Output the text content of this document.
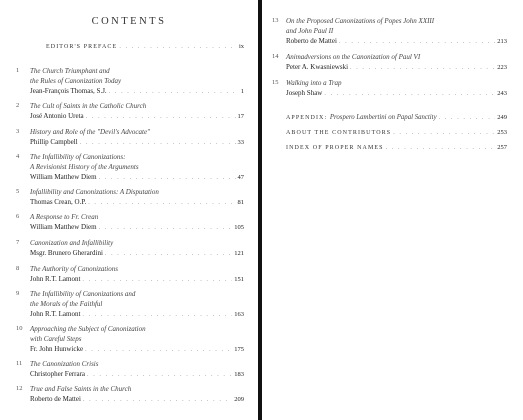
CONTENTS
EDITOR'S PREFACE . . .	ix
1	The Church Triumphant and
the Rules of Canonization Today
Jean-François Thomas, S.J. . . .	1
2	The Cult of Saints in the Catholic Church
José Antonio Ureta . . .	17
3	History and Role of the "Devil's Advocate"
Phillip Campbell . . .	33
4	The Infallibility of Canonizations:
A Revisionist History of the Arguments
William Matthew Diem . . .	47
5	Infallibility and Canonizations: A Disputation
Thomas Crean, O.P. . . .	81
6	A Response to Fr. Crean
William Matthew Diem . . .	105
7	Canonization and Infallibility
Msgr. Brunero Gherardini . . .	121
8	The Authority of Canonizations
John R.T. Lamont . . .	151
9	The Infallibility of Canonizations and
the Morals of the Faithful
John R.T. Lamont . . .	163
10	Approaching the Subject of Canonization
with Careful Steps
Fr. John Hunwicke . . .	175
11	The Canonization Crisis
Christopher Ferrara . . .	183
12	True and False Saints in the Church
Roberto de Mattei . . .	209
13	On the Proposed Canonizations of Popes John XXIII
and John Paul II
Roberto de Mattei . . .	213
14	Animadversions on the Canonization of Paul VI
Peter A. Kwasniewski . . .	223
15	Walking into a Trap
Joseph Shaw . . .	243
APPENDIX: Prospero Lambertini on Papal Sanctity . . .	249
ABOUT THE CONTRIBUTORS . . .	253
INDEX OF PROPER NAMES . . .	257
